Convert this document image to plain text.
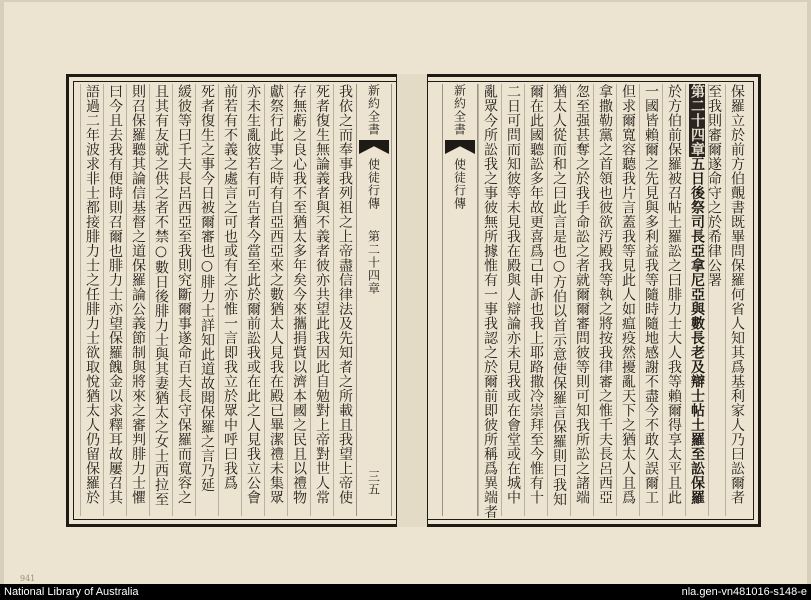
保羅立於前方伯覿書既畢問保羅何省人知其爲基利家人乃曰訟爾者
至我則審爾遂命守之於希律公署
第二十四章五日後祭司長亞拿尼亞與數長老及辯士帖土羅至訟保羅
於方伯前保羅被召帖土羅訟之曰腓力士大人我等賴爾得享太平且此
一國皆賴爾之先見與多利益我等隨時隨地感謝不盡今不敢久誤爾工
但求爾寬容聽我片言蓋我等見此人如瘟疫然擾亂天下之猶太人且爲
拿撒勒黨之首領也彼欲汚殿我等執之將按我律審之惟千夫長呂西亞
忽至强甚奪之於我手命訟之者就爾爾審問彼等則可知我所訟之諸端
猶太人從而和之曰此言是也○方伯以首示意使保羅言保羅則曰我知
爾在此國聽訟多年故更喜爲己申訴也我上耶路撒冷崇拜至今惟有十
二日可問而知彼等未見我在殿與人辯論亦未見我或在會堂或在城中
亂眾今所訟我之事彼無所據惟有一事我認之於爾前即彼所稱爲異端者
新約全書
使徒行傳
新約全書
使徒行傳
第二十四章
三五
我依之而奉事我列祖之上帝盡信律法及先知者之所載且我望上帝使
死者復生無論義者與不義者彼亦共望此我因此自勉對上帝對世人常
存無虧之良心我不至猶太多年矣今來攜捐貲以濟本國之民且以禮物
獻祭行此事之時有自亞西亞來之數猶太人見我在殿已畢潔禮未集眾
亦未生亂彼若有可告者今當至此於爾前訟我或在此之人見我立公會
前若有不義之處言之可也或有之亦惟一言即我立於眾中呼曰我爲
死者復生之事今日被爾審也○腓力士詳知此道故聞保羅之言乃延
緩彼等曰千夫長呂西亞至我則究斷爾事遂命百夫長守保羅而寬容之
且其有友就之供之者不禁○數日後腓力士與其妻猶太之女士西拉至
則召保羅聽其論信基督之道保羅論公義節制與將來之審判腓力士懼
曰今且去我有便時則召爾也腓力士亦望保羅餽金以求釋耳故屢召其
語過二年波求非士都接腓力士之任腓力士欲取悅猶太人仍留保羅於
941
National Library of Australia	nla.gen-vn481016-s148-e
